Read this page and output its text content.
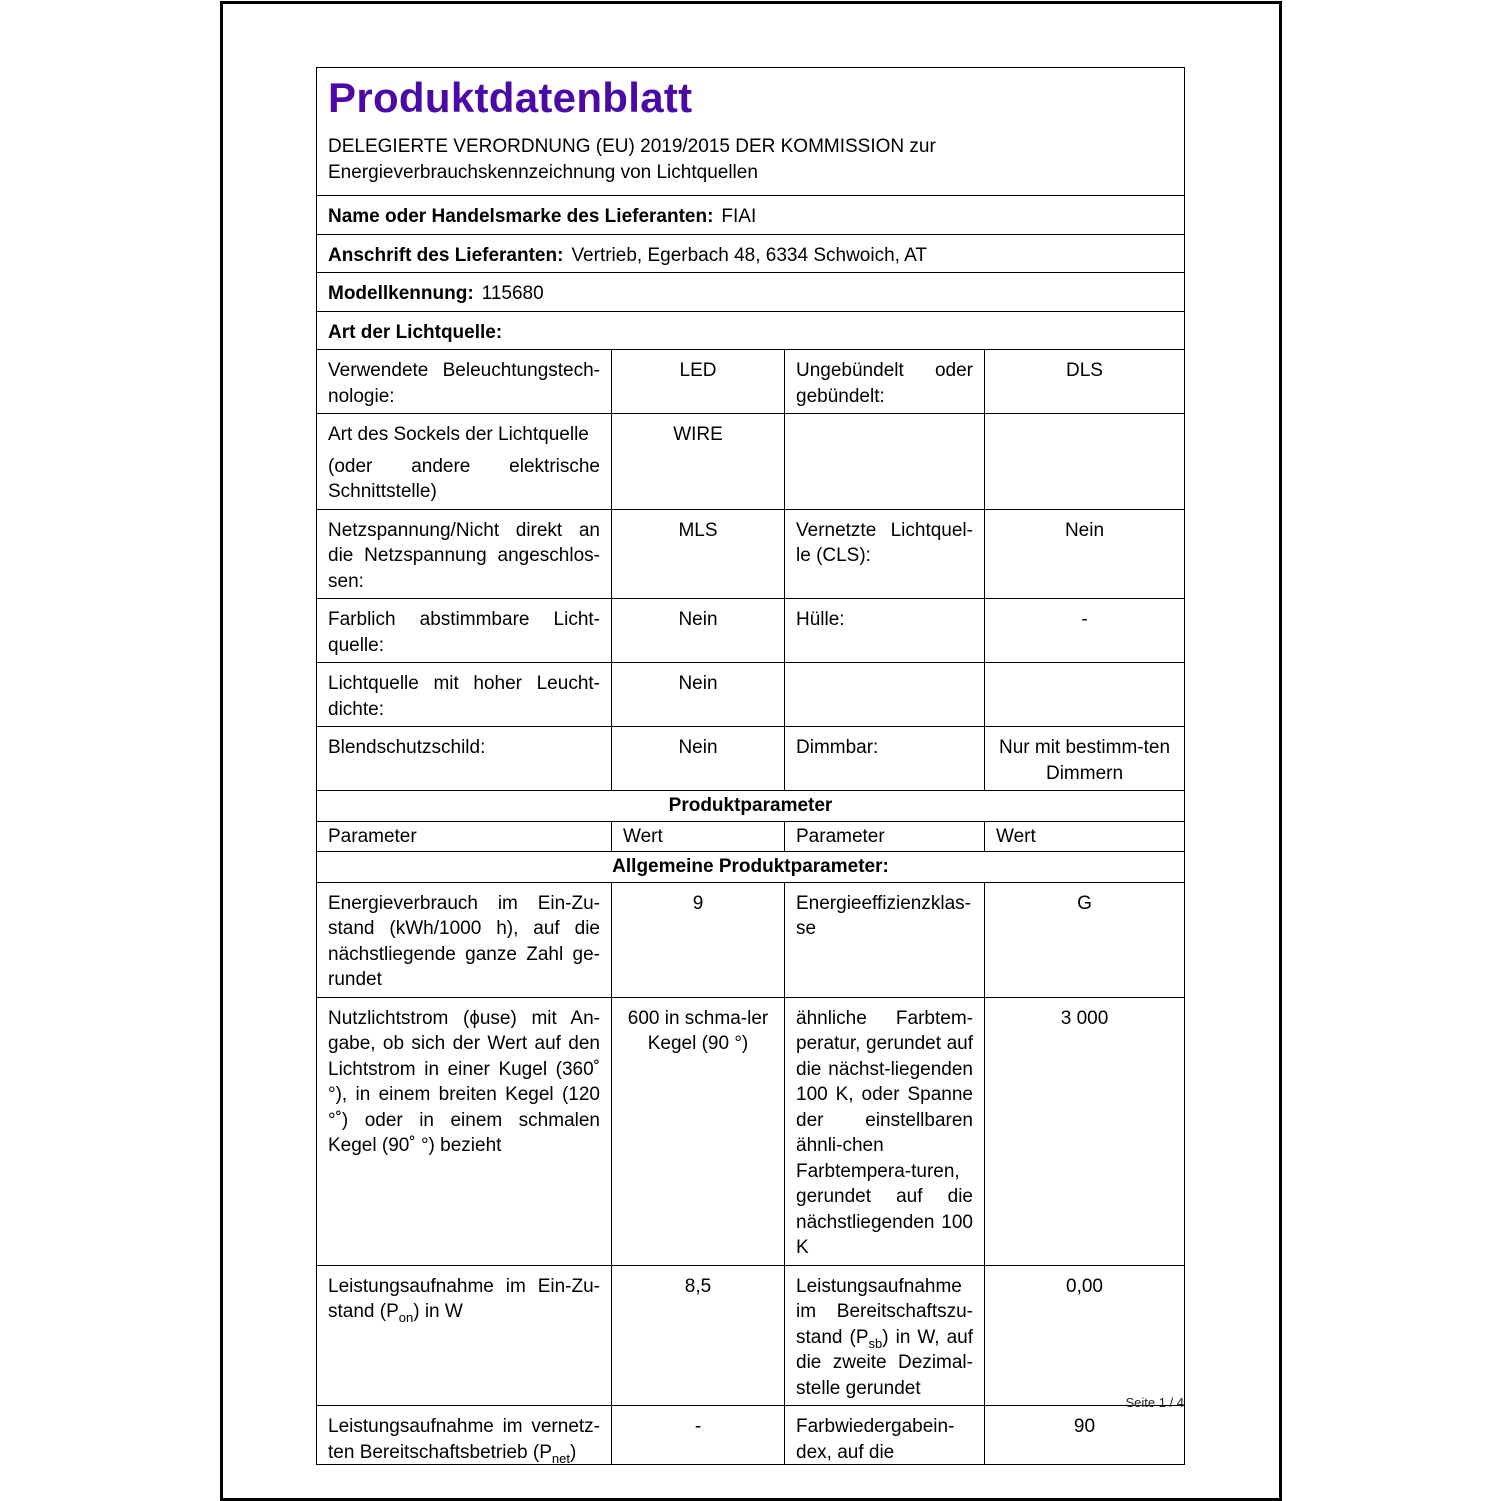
Produktdatenblatt
DELEGIERTE VERORDNUNG (EU) 2019/2015 DER KOMMISSION zur
Energieverbrauchskennzeichnung von Lichtquellen			

Name oder Handelsmarke des Lieferanten: FIAI			
Anschrift des Lieferanten: Vertrieb, Egerbach 48, 6334 Schwoich, AT			
Modellkennung: 115680			
Art der Lichtquelle:			
Verwendete Beleuchtungstech-nologie:	LED	Ungebündelt oder gebündelt:	DLS
Art des Sockels der Lichtquelle
(oder andere elektrische Schnittstelle)	WIRE		
Netzspannung/Nicht direkt an die Netzspannung angeschlos-sen:	MLS	Vernetzte Lichtquel-le (CLS):	Nein
Farblich abstimmbare Licht-quelle:	Nein	Hülle:	-
Lichtquelle mit hoher Leucht-dichte:	Nein		
Blendschutzschild:	Nein	Dimmbar:	Nur mit bestimm-ten Dimmern
Produktparameter			
Parameter	Wert	Parameter	Wert
Allgemeine Produktparameter:			
Energieverbrauch im Ein-Zu-stand (kWh/1000 h), auf die nächstliegende ganze Zahl ge-rundet	9	Energieeffizienzklas-se	G
Nutzlichtstrom (ɸuse) mit An-gabe, ob sich der Wert auf den Lichtstrom in einer Kugel (360˚ °), in einem breiten Kegel (120 °˚) oder in einem schmalen Kegel (90˚ °) bezieht	600 in schma-ler Kegel (90 °)	ähnliche Farbtem-peratur, gerundet auf die nächst-liegenden 100 K, oder Spanne der einstellbaren ähnli-chen Farbtempera-turen, gerundet auf die nächstliegenden 100 K	3 000
Leistungsaufnahme im Ein-Zu-stand $(P_{on})$ in W	8,5	Leistungsaufnahme im Bereitschaftszu-stand $(P_{sb})$ in W, auf die zweite Dezimal-stelle gerundet	0,00

Leistungsaufnahme im vernetz-ten Bereitschaftsbetrieb $(P_{net})$	-	Farbwiedergabein-dex, auf die	90
Seite 1 / 4
